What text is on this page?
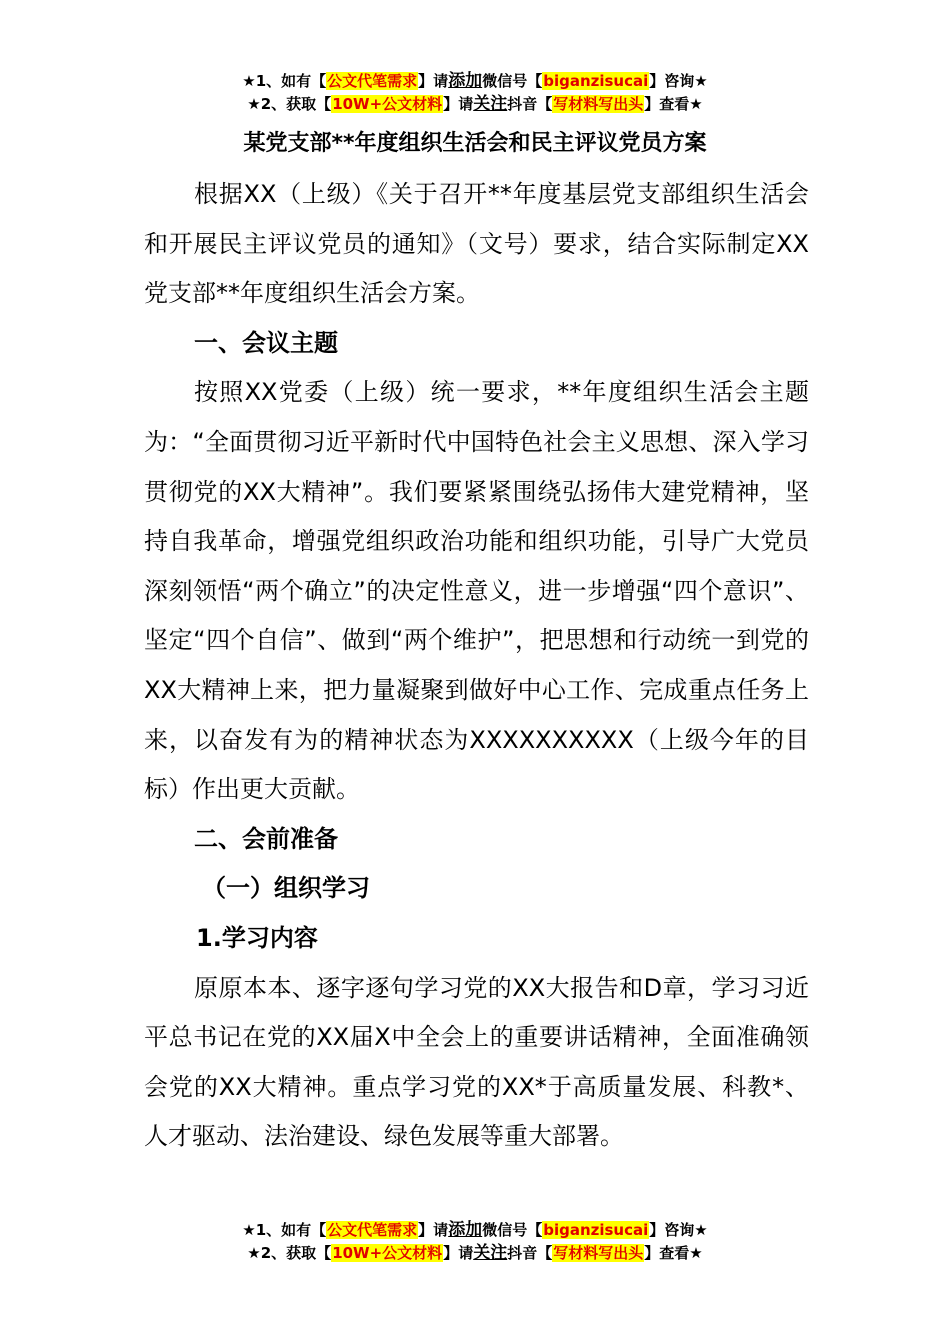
★1、如有【公文代笔需求】请添加微信号【biganzisucai】咨询★
★2、获取【10W+公文材料】请关注抖音【写材料写出头】查看★
某党支部**年度组织生活会和民主评议党员方案

根据XX（上级）《关于召开**年度基层党支部组织生活会和开展民主评议党员的通知》（文号）要求，结合实际制定XX党支部**年度组织生活会方案。

一、会议主题

按照XX党委（上级）统一要求，**年度组织生活会主题为：“全面贯彻习近平新时代中国特色社会主义思想、深入学习贯彻党的XX大精神”。我们要紧紧围绕弘扬伟大建党精神，坚持自我革命，增强党组织政治功能和组织功能，引导广大党员深刻领悟“两个确立”的决定性意义，进一步增强“四个意识”、坚定“四个自信”、做到“两个维护”，把思想和行动统一到党的XX大精神上来，把力量凝聚到做好中心工作、完成重点任务上来，以奋发有为的精神状态为XXXXXXXXXX（上级今年的目标）作出更大贡献。

二、会前准备

（一）组织学习

1.学习内容

原原本本、逐字逐句学习党的XX大报告和D章，学习习近平总书记在党的XX届X中全会上的重要讲话精神，全面准确领会党的XX大精神。重点学习党的XX*于高质量发展、科教*、人才驱动、法治建设、绿色发展等重大部署。

★1、如有【公文代笔需求】请添加微信号【biganzisucai】咨询★
★2、获取【10W+公文材料】请关注抖音【写材料写出头】查看★
